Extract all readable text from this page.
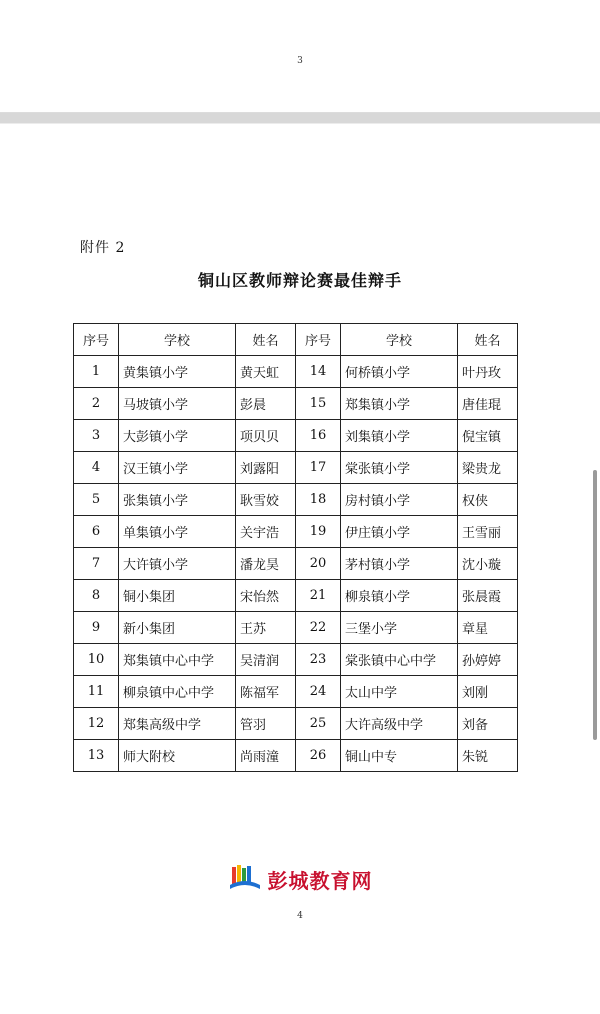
3
附件 2
铜山区教师辩论赛最佳辩手
序号	学校	姓名	序号	学校	姓名
1	黄集镇小学	黄天虹	14	何桥镇小学	叶丹玫
2	马坡镇小学	彭晨	15	郑集镇小学	唐佳琨
3	大彭镇小学	项贝贝	16	刘集镇小学	倪宝镇
4	汉王镇小学	刘露阳	17	棠张镇小学	梁贵龙
5	张集镇小学	耿雪姣	18	房村镇小学	权侠
6	单集镇小学	关宇浩	19	伊庄镇小学	王雪丽
7	大许镇小学	潘龙昊	20	茅村镇小学	沈小璇
8	铜小集团	宋怡然	21	柳泉镇小学	张晨霞
9	新小集团	王苏	22	三堡小学	章星
10	郑集镇中心中学	吴清润	23	棠张镇中心中学	孙婷婷
11	柳泉镇中心中学	陈福军	24	太山中学	刘刚
12	郑集高级中学	管羽	25	大许高级中学	刘备
13	师大附校	尚雨潼	26	铜山中专	朱锐
4
彭城教育网
